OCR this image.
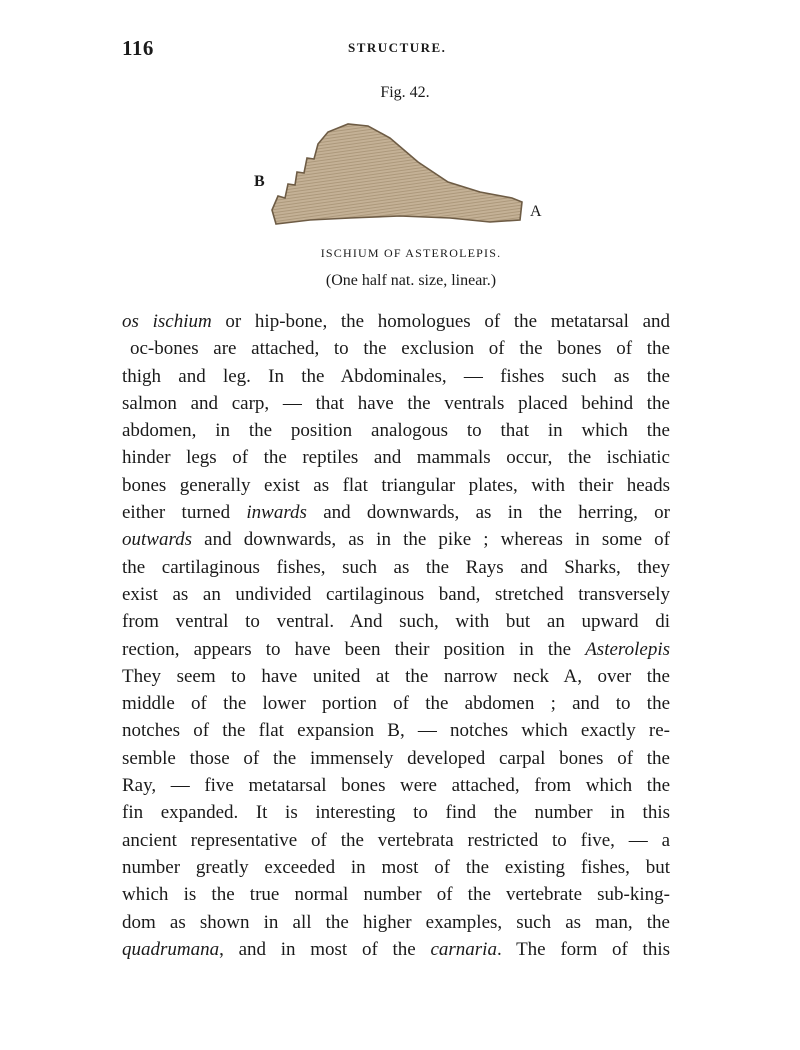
116	STRUCTURE.
Fig. 42.
B
A
ISCHIUM OF ASTEROLEPIS.
(One half nat. size, linear.)
os ischium or hip-bone, the homologues of the metatarsal and
oc-bones are attached, to the exclusion of the bones of the
thigh and leg. In the Abdominales, — fishes such as the
salmon and carp, — that have the ventrals placed behind the
abdomen, in the position analogous to that in which the
hinder legs of the reptiles and mammals occur, the ischiatic
bones generally exist as flat triangular plates, with their heads
either turned inwards and downwards, as in the herring, or
outwards and downwards, as in the pike ; whereas in some of
the cartilaginous fishes, such as the Rays and Sharks, they
exist as an undivided cartilaginous band, stretched transversely
from ventral to ventral. And such, with but an upward di
rection, appears to have been their position in the Asterolepis
They seem to have united at the narrow neck A, over the
middle of the lower portion of the abdomen ; and to the
notches of the flat expansion B, — notches which exactly re-
semble those of the immensely developed carpal bones of the
Ray, — five metatarsal bones were attached, from which the
fin expanded. It is interesting to find the number in this
ancient representative of the vertebrata restricted to five, — a
number greatly exceeded in most of the existing fishes, but
which is the true normal number of the vertebrate sub-king-
dom as shown in all the higher examples, such as man, the
quadrumana, and in most of the carnaria. The form of this
